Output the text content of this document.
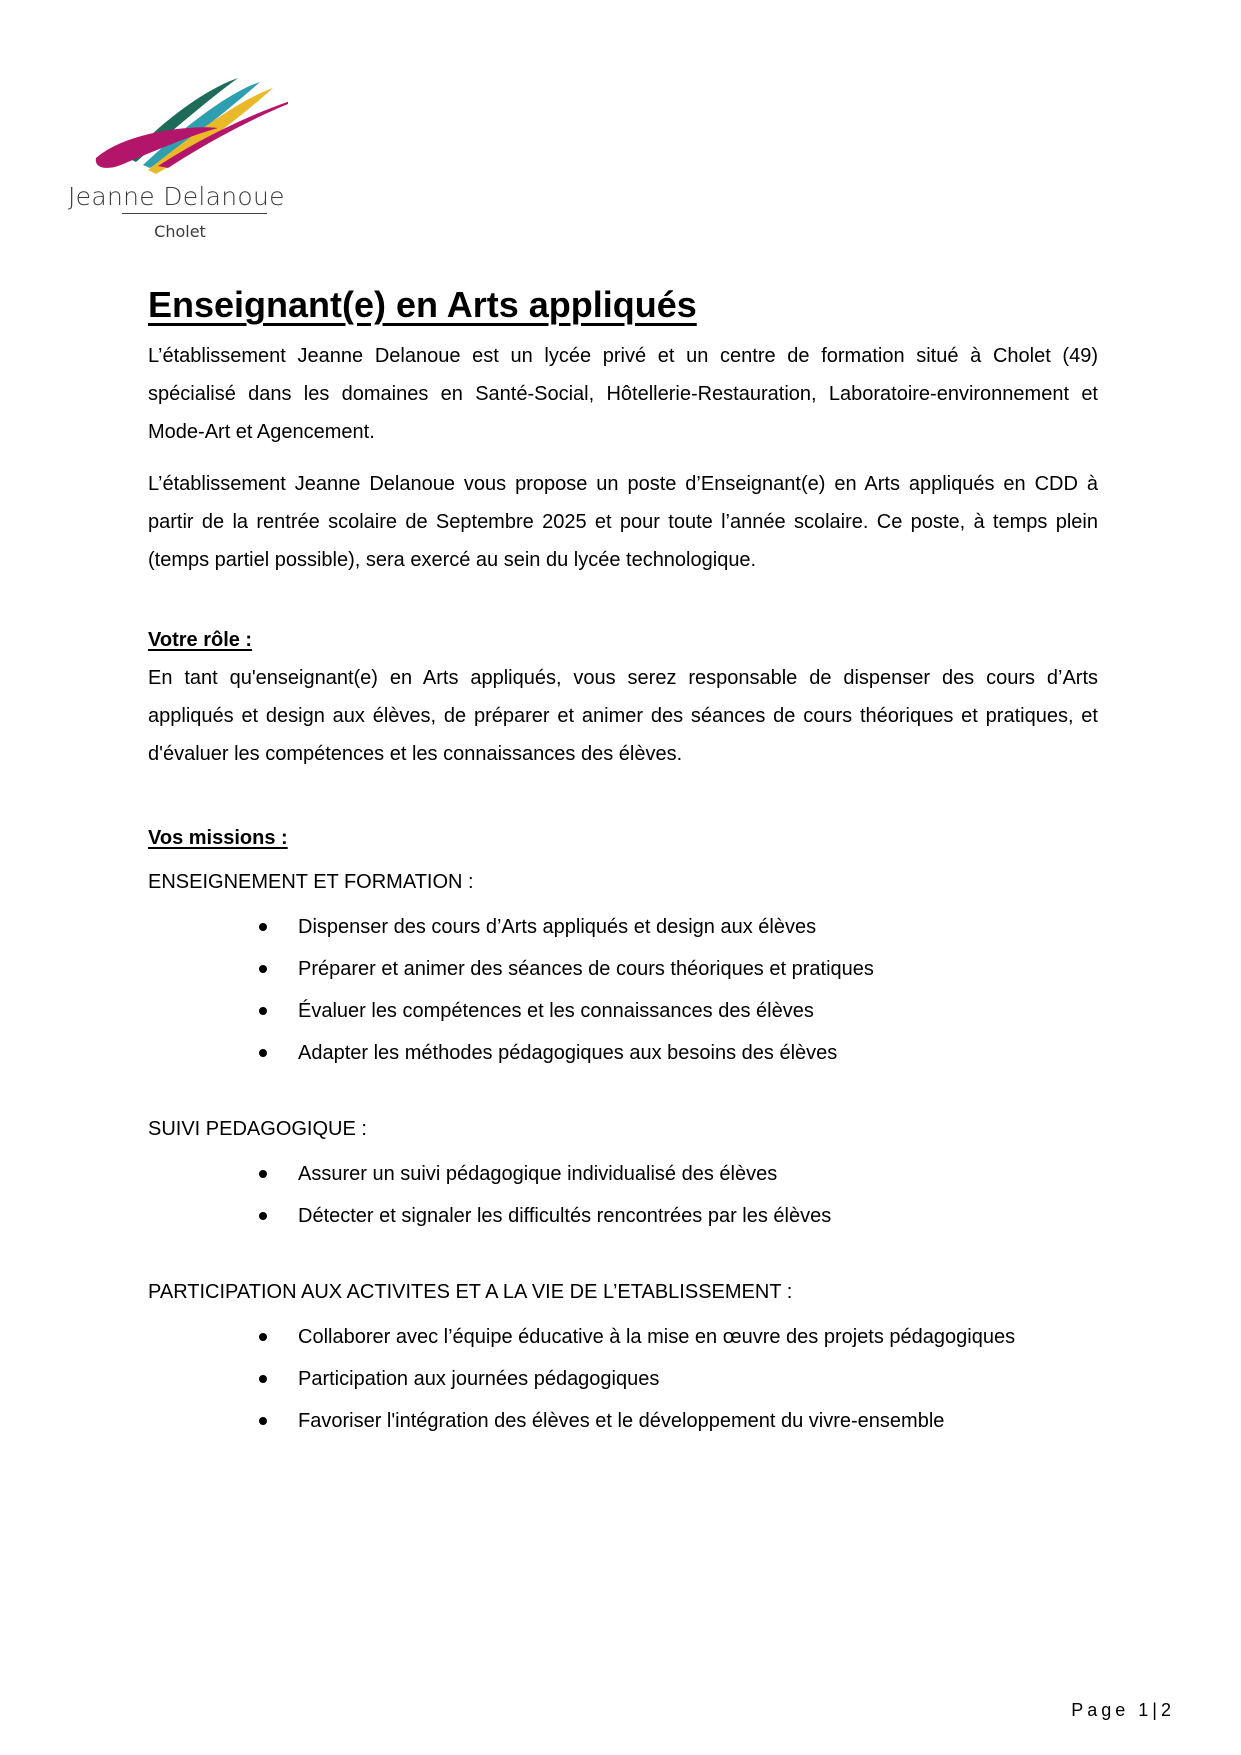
Jeanne Delanoue
Cholet
Enseignant(e) en Arts appliqués

L’établissement Jeanne Delanoue est un lycée privé et un centre de formation situé à Cholet (49) spécialisé dans les domaines en Santé-Social, Hôtellerie-Restauration, Laboratoire-environnement et Mode-Art et Agencement.

L’établissement Jeanne Delanoue vous propose un poste d’Enseignant(e) en Arts appliqués en CDD à partir de la rentrée scolaire de Septembre 2025 et pour toute l’année scolaire. Ce poste, à temps plein (temps partiel possible), sera exercé au sein du lycée technologique.

Votre rôle :

En tant qu'enseignant(e) en Arts appliqués, vous serez responsable de dispenser des cours d’Arts appliqués et design aux élèves, de préparer et animer des séances de cours théoriques et pratiques, et d'évaluer les compétences et les connaissances des élèves.

Vos missions :

ENSEIGNEMENT ET FORMATION :

Dispenser des cours d’Arts appliqués et design aux élèves
Préparer et animer des séances de cours théoriques et pratiques
Évaluer les compétences et les connaissances des élèves
Adapter les méthodes pédagogiques aux besoins des élèves

SUIVI PEDAGOGIQUE :

Assurer un suivi pédagogique individualisé des élèves
Détecter et signaler les difficultés rencontrées par les élèves

PARTICIPATION AUX ACTIVITES ET A LA VIE DE L’ETABLISSEMENT :

Collaborer avec l’équipe éducative à la mise en œuvre des projets pédagogiques
Participation aux journées pédagogiques
Favoriser l'intégration des élèves et le développement du vivre-ensemble
Page 1|2
